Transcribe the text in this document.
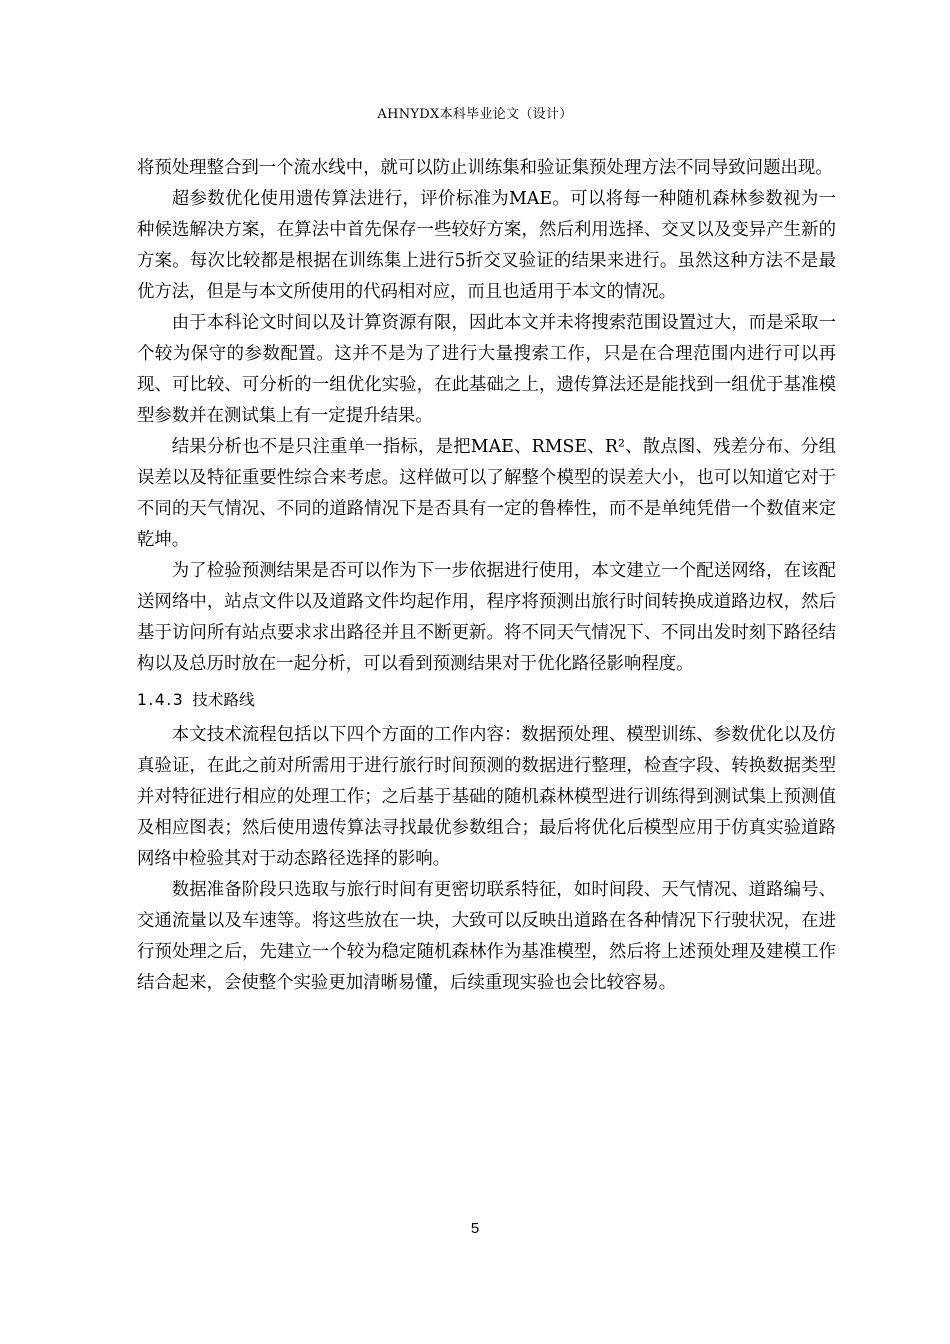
AHNYDX本科毕业论文（设计）

将预处理整合到一个流水线中，就可以防止训练集和验证集预处理方法不同导致问题出现。

超参数优化使用遗传算法进行，评价标准为MAE。可以将每一种随机森林参数视为一种候选解决方案，在算法中首先保存一些较好方案，然后利用选择、交叉以及变异产生新的方案。每次比较都是根据在训练集上进行5折交叉验证的结果来进行。虽然这种方法不是最优方法，但是与本文所使用的代码相对应，而且也适用于本文的情况。

由于本科论文时间以及计算资源有限，因此本文并未将搜索范围设置过大，而是采取一个较为保守的参数配置。这并不是为了进行大量搜索工作，只是在合理范围内进行可以再现、可比较、可分析的一组优化实验，在此基础之上，遗传算法还是能找到一组优于基准模型参数并在测试集上有一定提升结果。

结果分析也不是只注重单一指标，是把MAE、RMSE、R²、散点图、残差分布、分组误差以及特征重要性综合来考虑。这样做可以了解整个模型的误差大小，也可以知道它对于不同的天气情况、不同的道路情况下是否具有一定的鲁棒性，而不是单纯凭借一个数值来定乾坤。

为了检验预测结果是否可以作为下一步依据进行使用，本文建立一个配送网络，在该配送网络中，站点文件以及道路文件均起作用，程序将预测出旅行时间转换成道路边权，然后基于访问所有站点要求求出路径并且不断更新。将不同天气情况下、不同出发时刻下路径结构以及总历时放在一起分析，可以看到预测结果对于优化路径影响程度。

1.4.3 技术路线

本文技术流程包括以下四个方面的工作内容：数据预处理、模型训练、参数优化以及仿真验证，在此之前对所需用于进行旅行时间预测的数据进行整理，检查字段、转换数据类型并对特征进行相应的处理工作；之后基于基础的随机森林模型进行训练得到测试集上预测值及相应图表；然后使用遗传算法寻找最优参数组合；最后将优化后模型应用于仿真实验道路网络中检验其对于动态路径选择的影响。

数据准备阶段只选取与旅行时间有更密切联系特征，如时间段、天气情况、道路编号、交通流量以及车速等。将这些放在一块，大致可以反映出道路在各种情况下行驶状况，在进行预处理之后，先建立一个较为稳定随机森林作为基准模型，然后将上述预处理及建模工作结合起来，会使整个实验更加清晰易懂，后续重现实验也会比较容易。

5
